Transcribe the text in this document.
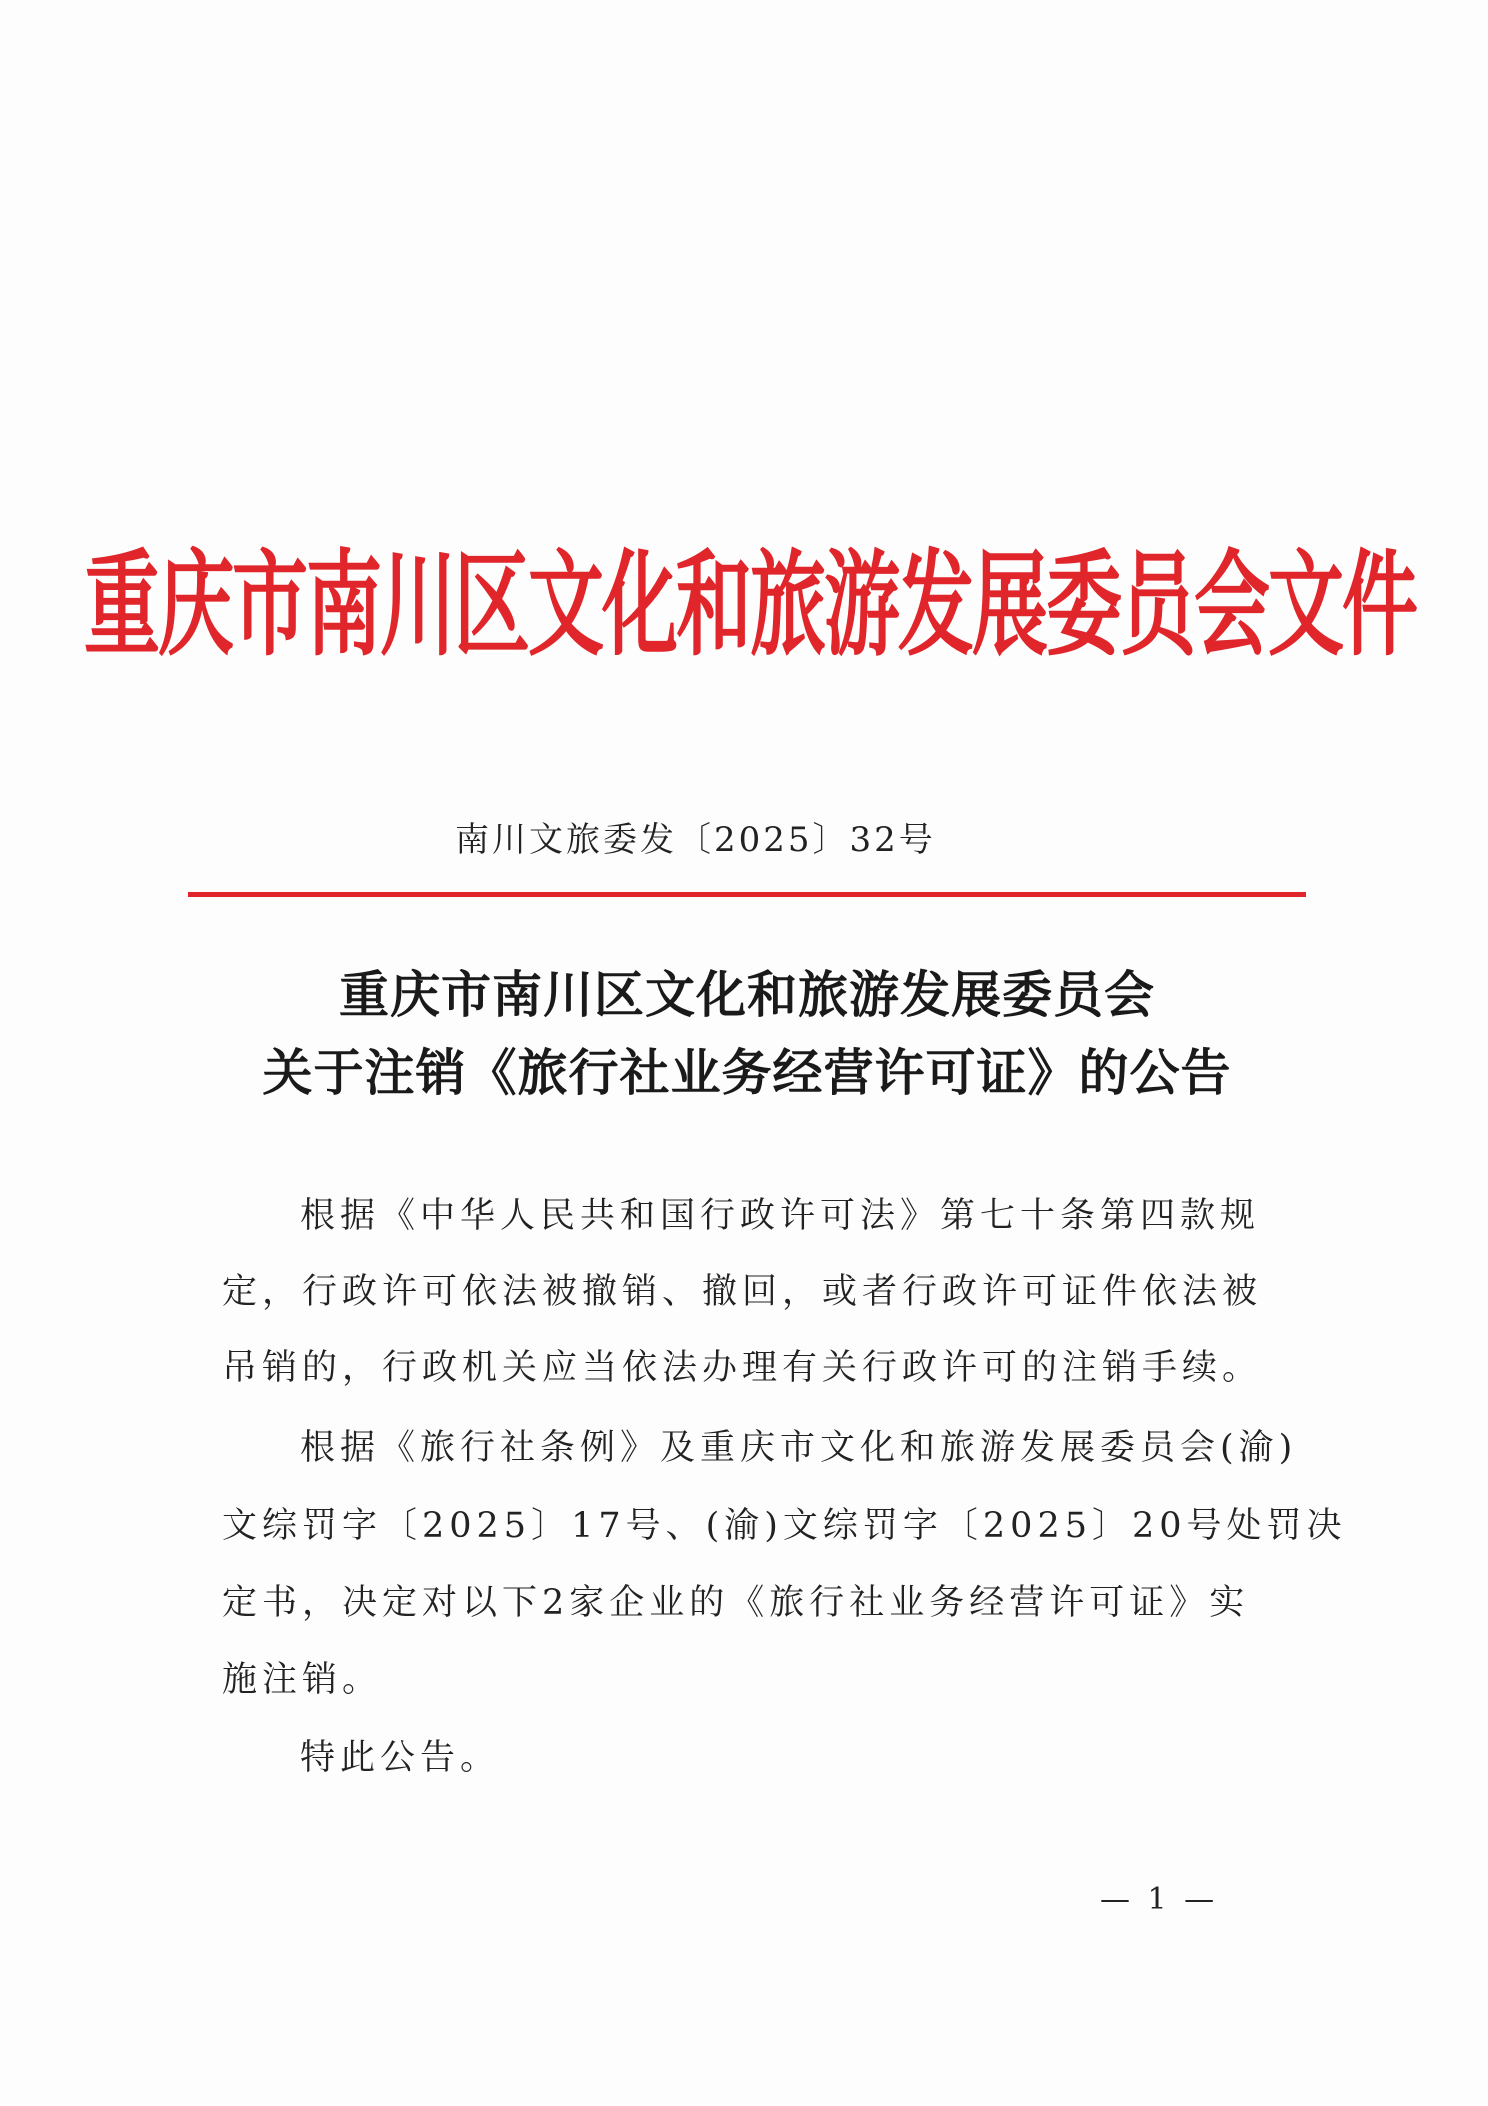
重庆市南川区文化和旅游发展委员会文件
南川文旅委发〔2025〕32号
重庆市南川区文化和旅游发展委员会
关于注销《旅行社业务经营许可证》的公告
根据《中华人民共和国行政许可法》第七十条第四款规
定，行政许可依法被撤销、撤回，或者行政许可证件依法被
吊销的，行政机关应当依法办理有关行政许可的注销手续。
根据《旅行社条例》及重庆市文化和旅游发展委员会(渝)
文综罚字〔2025〕17号、(渝)文综罚字〔2025〕20号处罚决
定书，决定对以下2家企业的《旅行社业务经营许可证》实
施注销。
特此公告。
— 1 —
